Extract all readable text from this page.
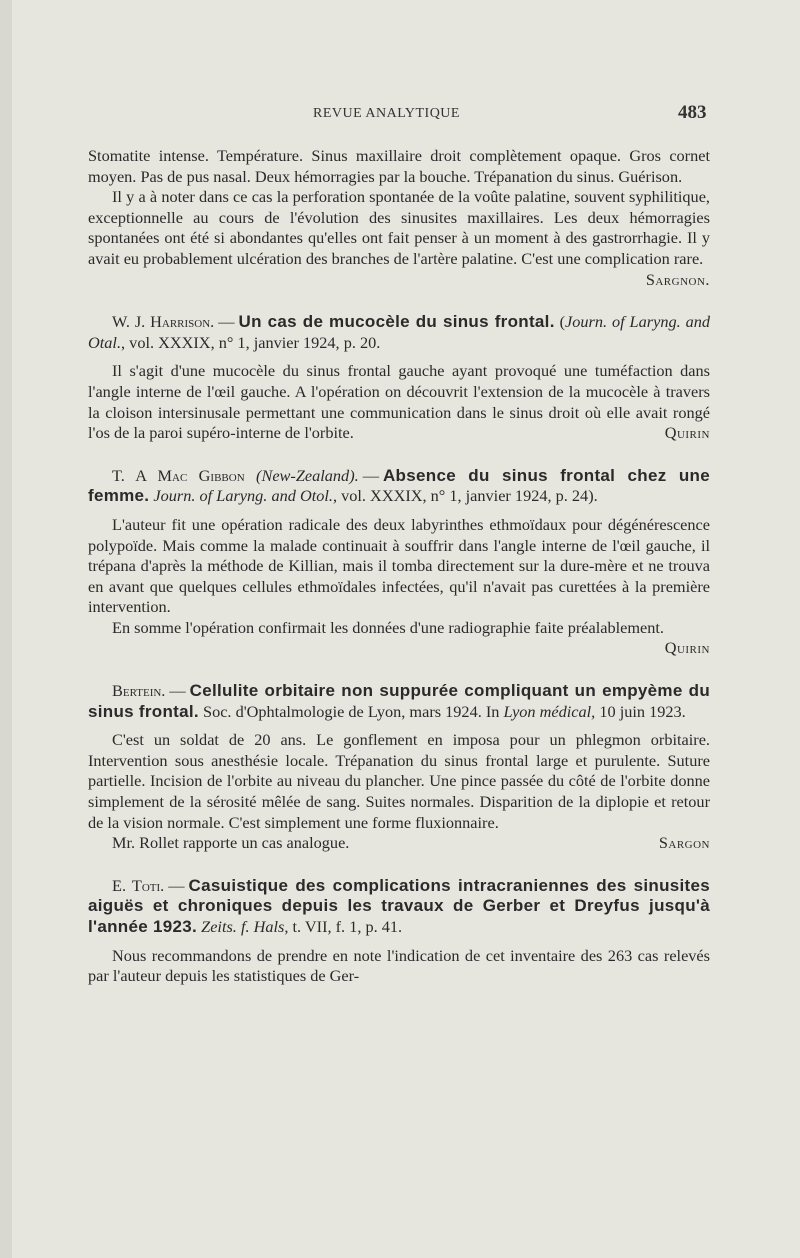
REVUE ANALYTIQUE	483

Stomatite intense. Température. Sinus maxillaire droit complètement opaque. Gros cornet moyen. Pas de pus nasal. Deux hémorragies par la bouche. Trépanation du sinus. Guérison.

Il y a à noter dans ce cas la perforation spontanée de la voûte palatine, souvent syphilitique, exceptionnelle au cours de l'évolution des sinusites maxillaires. Les deux hémorragies spontanées ont été si abondantes qu'elles ont fait penser à un moment à des gastrorrhagie. Il y avait eu probablement ulcération des branches de l'artère palatine. C'est une complication rare.
Sargnon.

W. J. Harrison. — Un cas de mucocèle du sinus frontal. (Journ. of Laryng. and Otal., vol. XXXIX, n° 1, janvier 1924, p. 20.

Il s'agit d'une mucocèle du sinus frontal gauche ayant provoqué une tuméfaction dans l'angle interne de l'œil gauche. A l'opération on découvrit l'extension de la mucocèle à travers la cloison intersinusale permettant une communication dans le sinus droit où elle avait rongé l'os de la paroi supéro-interne de l'orbite.	Quirin

T. A Mac Gibbon (New-Zealand). — Absence du sinus frontal chez une femme. Journ. of Laryng. and Otol., vol. XXXIX, n° 1, janvier 1924, p. 24).

L'auteur fit une opération radicale des deux labyrinthes ethmoïdaux pour dégénérescence polypoïde. Mais comme la malade continuait à souffrir dans l'angle interne de l'œil gauche, il trépana d'après la méthode de Killian, mais il tomba directement sur la dure-mère et ne trouva en avant que quelques cellules ethmoïdales infectées, qu'il n'avait pas curettées à la première intervention.

En somme l'opération confirmait les données d'une radiographie faite préalablement.
Quirin

Bertein. — Cellulite orbitaire non suppurée compliquant un empyème du sinus frontal. Soc. d'Ophtalmologie de Lyon, mars 1924. In Lyon médical, 10 juin 1923.

C'est un soldat de 20 ans. Le gonflement en imposa pour un phlegmon orbitaire. Intervention sous anesthésie locale. Trépanation du sinus frontal large et purulente. Suture partielle. Incision de l'orbite au niveau du plancher. Une pince passée du côté de l'orbite donne simplement de la sérosité mêlée de sang. Suites normales. Disparition de la diplopie et retour de la vision normale. C'est simplement une forme fluxionnaire.

Mr. Rollet rapporte un cas analogue.	Sargon

E. Toti. — Casuistique des complications intracraniennes des sinusites aiguës et chroniques depuis les travaux de Gerber et Dreyfus jusqu'à l'année 1923. Zeits. f. Hals, t. VII, f. 1, p. 41.

Nous recommandons de prendre en note l'indication de cet inventaire des 263 cas relevés par l'auteur depuis les statistiques de Ger-
